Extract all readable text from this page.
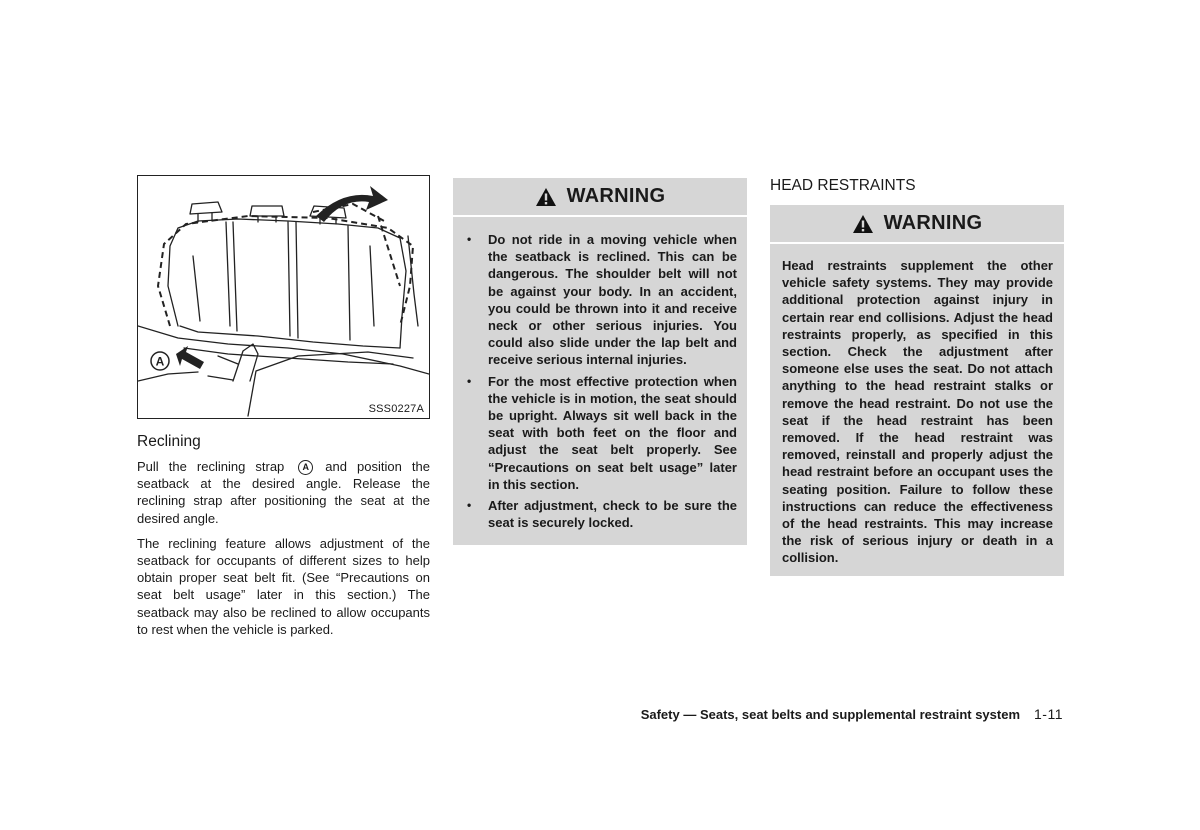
A
SSS0227A
Reclining

Pull the reclining strap A and position the seatback at the desired angle. Release the reclining strap after positioning the seat at the desired angle.

The reclining feature allows adjustment of the seatback for occupants of different sizes to help obtain proper seat belt fit. (See “Precautions on seat belt usage” later in this section.) The seatback may also be reclined to allow occupants to rest when the vehicle is parked.

WARNING
• Do not ride in a moving vehicle when the seatback is reclined. This can be dangerous. The shoulder belt will not be against your body. In an accident, you could be thrown into it and receive neck or other serious injuries. You could also slide under the lap belt and receive serious internal injuries.
• For the most effective protection when the vehicle is in motion, the seat should be upright. Always sit well back in the seat with both feet on the floor and adjust the seat belt properly. See “Precautions on seat belt usage” later in this section.
• After adjustment, check to be sure the seat is securely locked.
HEAD RESTRAINTS
WARNING

Head restraints supplement the other vehicle safety systems. They may provide additional protection against injury in certain rear end collisions. Adjust the head restraints properly, as specified in this section. Check the adjustment after someone else uses the seat. Do not attach anything to the head restraint stalks or remove the head restraint. Do not use the seat if the head restraint has been removed. If the head restraint was removed, reinstall and properly adjust the head restraint before an occupant uses the seating position. Failure to follow these instructions can reduce the effectiveness of the head restraints. This may increase the risk of serious injury or death in a collision.

Safety — Seats, seat belts and supplemental restraint system 1-11
